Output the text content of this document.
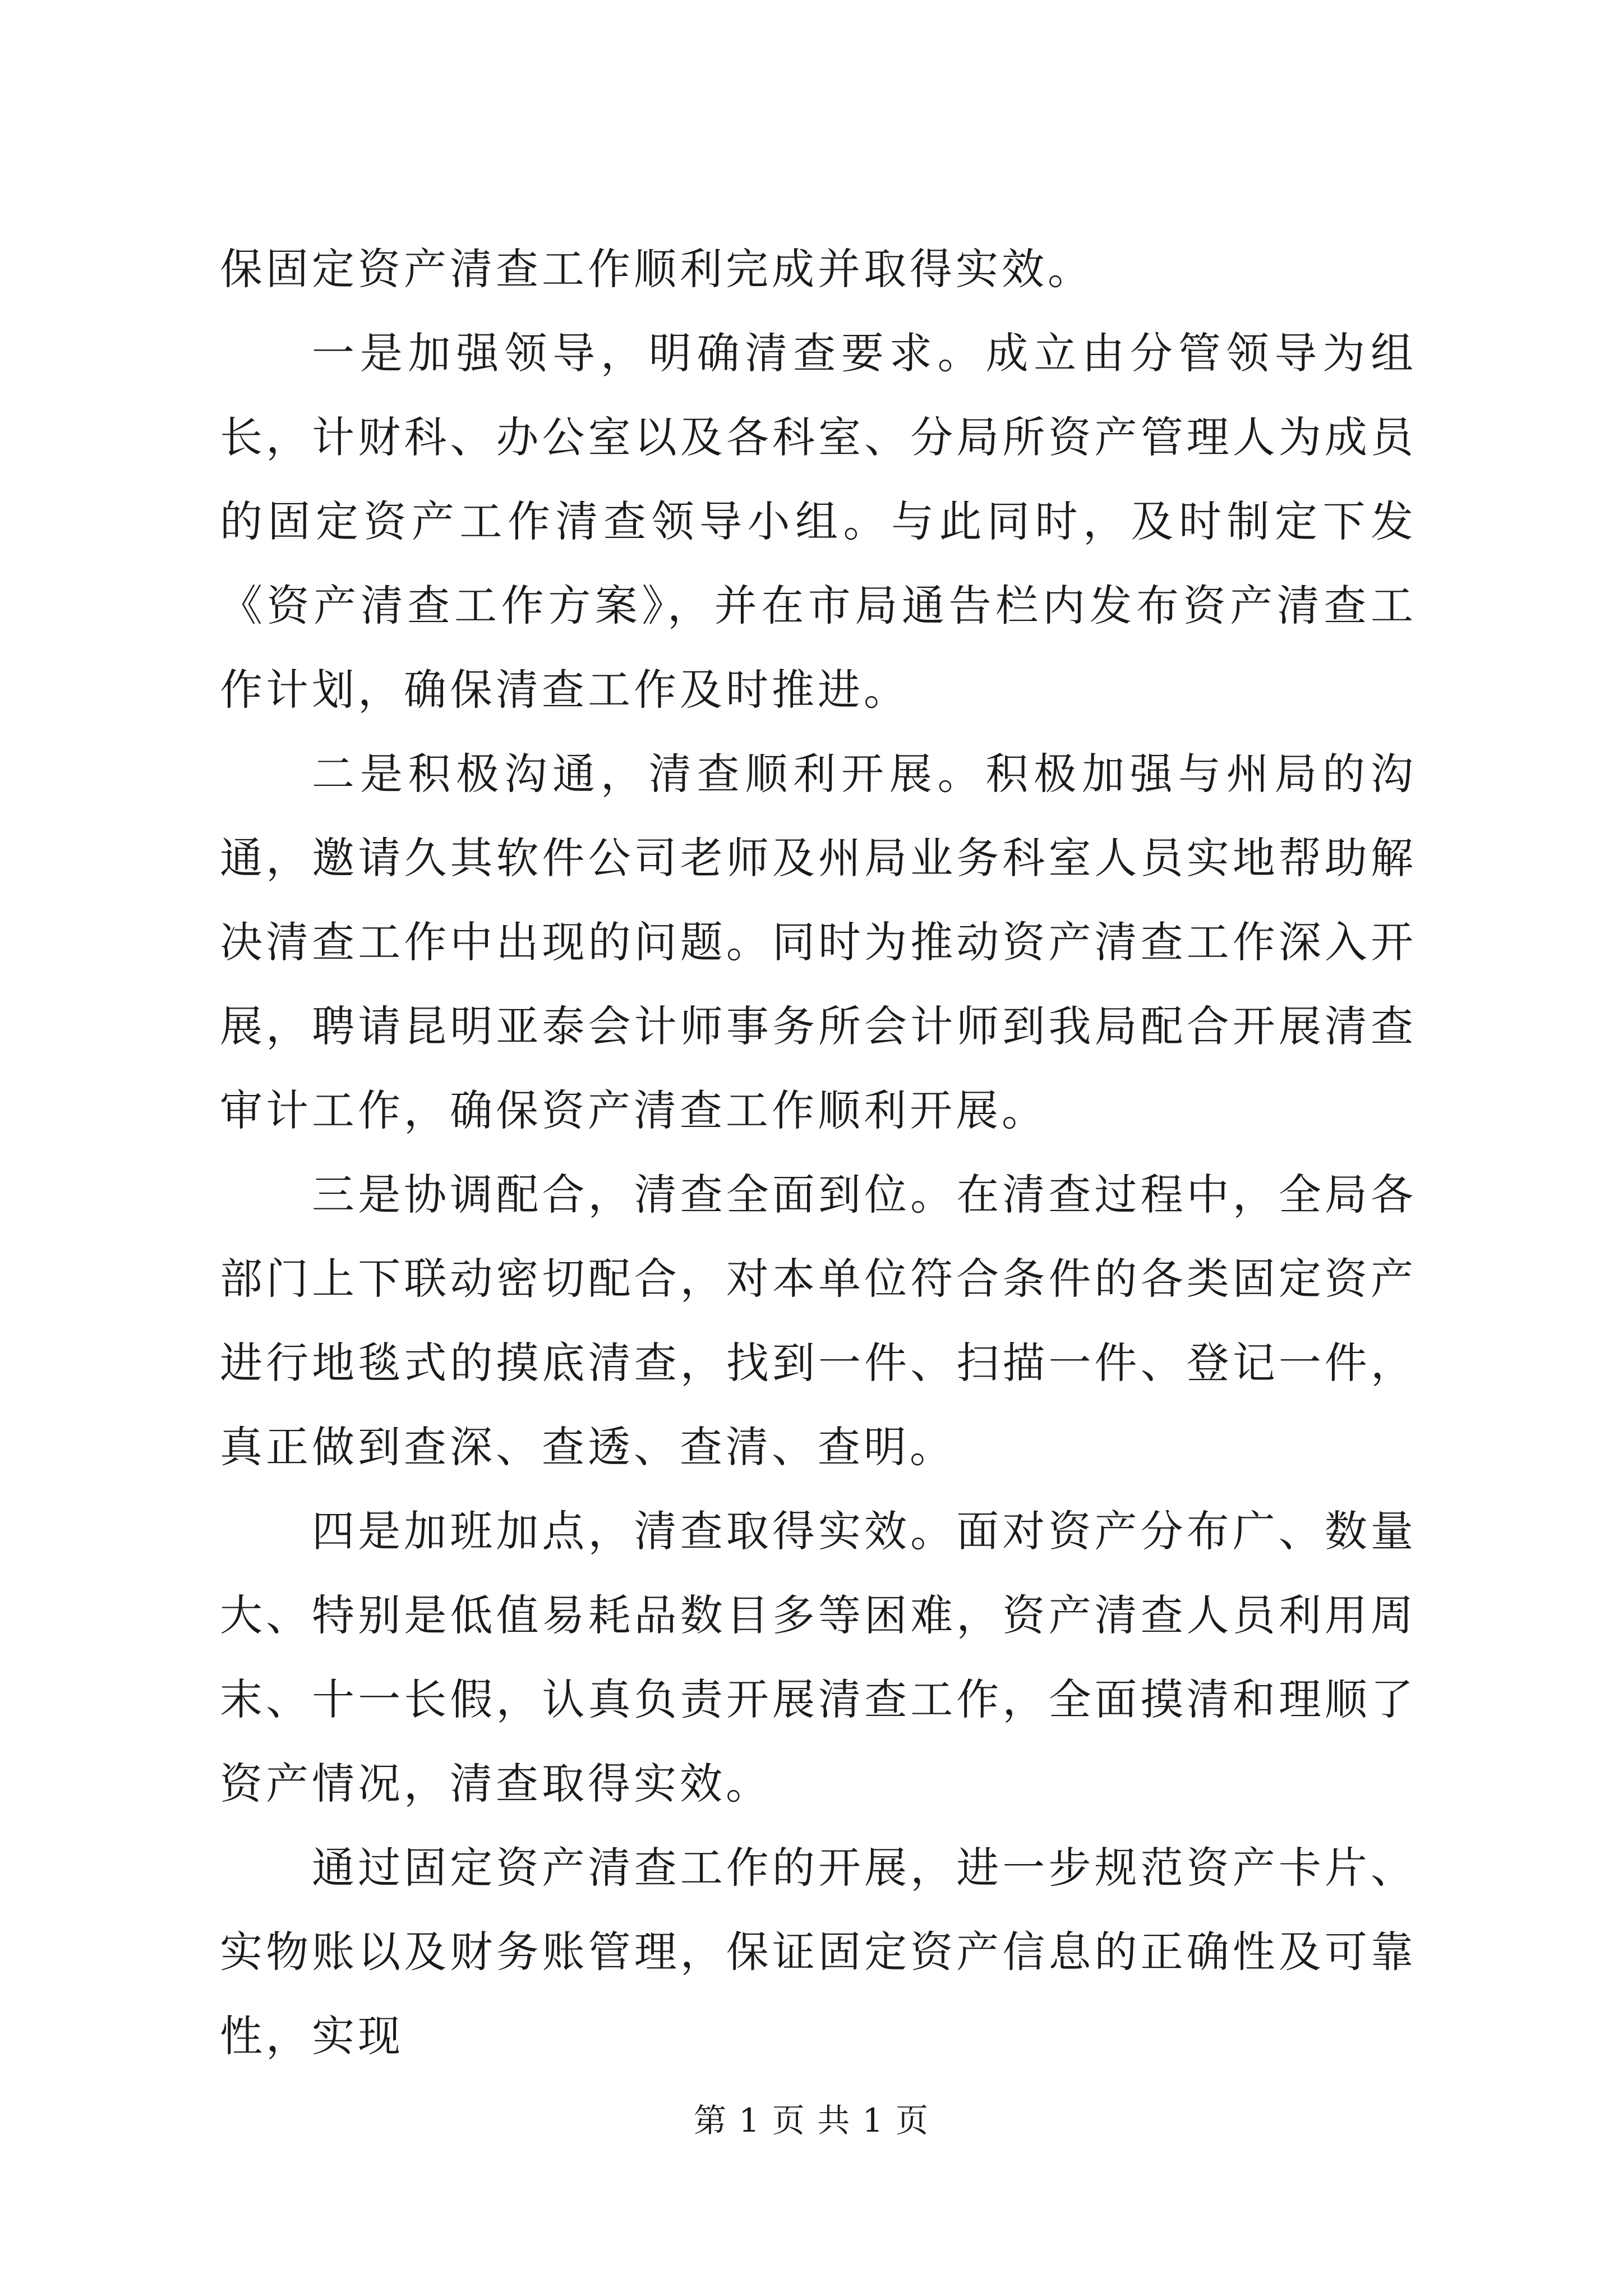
保固定资产清查工作顺利完成并取得实效。

一是加强领导，明确清查要求。成立由分管领导为组长，计财科、办公室以及各科室、分局所资产管理人为成员的固定资产工作清查领导小组。与此同时，及时制定下发《资产清查工作方案》，并在市局通告栏内发布资产清查工作计划，确保清查工作及时推进。

二是积极沟通，清查顺利开展。积极加强与州局的沟通，邀请久其软件公司老师及州局业务科室人员实地帮助解决清查工作中出现的问题。同时为推动资产清查工作深入开展，聘请昆明亚泰会计师事务所会计师到我局配合开展清查审计工作，确保资产清查工作顺利开展。

三是协调配合，清查全面到位。在清查过程中，全局各部门上下联动密切配合，对本单位符合条件的各类固定资产进行地毯式的摸底清查，找到一件、扫描一件、登记一件，真正做到查深、查透、查清、查明。

四是加班加点，清查取得实效。面对资产分布广、数量大、特别是低值易耗品数目多等困难，资产清查人员利用周末、十一长假，认真负责开展清查工作，全面摸清和理顺了资产情况，清查取得实效。

通过固定资产清查工作的开展，进一步规范资产卡片、实物账以及财务账管理，保证固定资产信息的正确性及可靠性，实现

第 1 页 共 1 页
